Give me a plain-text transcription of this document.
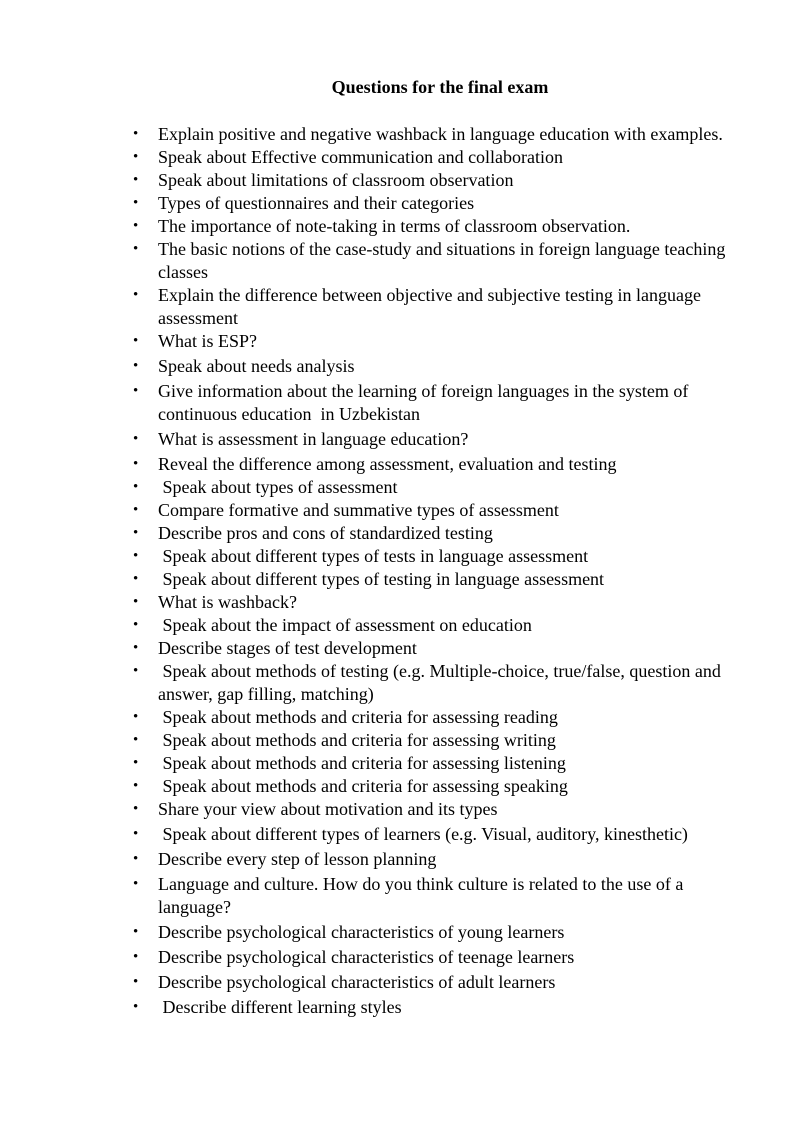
Questions for the final exam
• Explain positive and negative washback in language education with examples.
• Speak about Effective communication and collaboration
• Speak about limitations of classroom observation
• Types of questionnaires and their categories
• The importance of note-taking in terms of classroom observation.
• The basic notions of the case-study and situations in foreign language teaching classes
• Explain the difference between objective and subjective testing in language assessment
• What is ESP?
• Speak about needs analysis
• Give information about the learning of foreign languages in the system of continuous education  in Uzbekistan
• What is assessment in language education?
• Reveal the difference among assessment, evaluation and testing
• Speak about types of assessment
• Compare formative and summative types of assessment
• Describe pros and cons of standardized testing
• Speak about different types of tests in language assessment
• Speak about different types of testing in language assessment
• What is washback?
• Speak about the impact of assessment on education
• Describe stages of test development
• Speak about methods of testing (e.g. Multiple-choice, true/false, question and answer, gap filling, matching)
• Speak about methods and criteria for assessing reading
• Speak about methods and criteria for assessing writing
• Speak about methods and criteria for assessing listening
• Speak about methods and criteria for assessing speaking
• Share your view about motivation and its types
• Speak about different types of learners (e.g. Visual, auditory, kinesthetic)
• Describe every step of lesson planning
• Language and culture. How do you think culture is related to the use of a language?
• Describe psychological characteristics of young learners
• Describe psychological characteristics of teenage learners
• Describe psychological characteristics of adult learners
• Describe different learning styles
